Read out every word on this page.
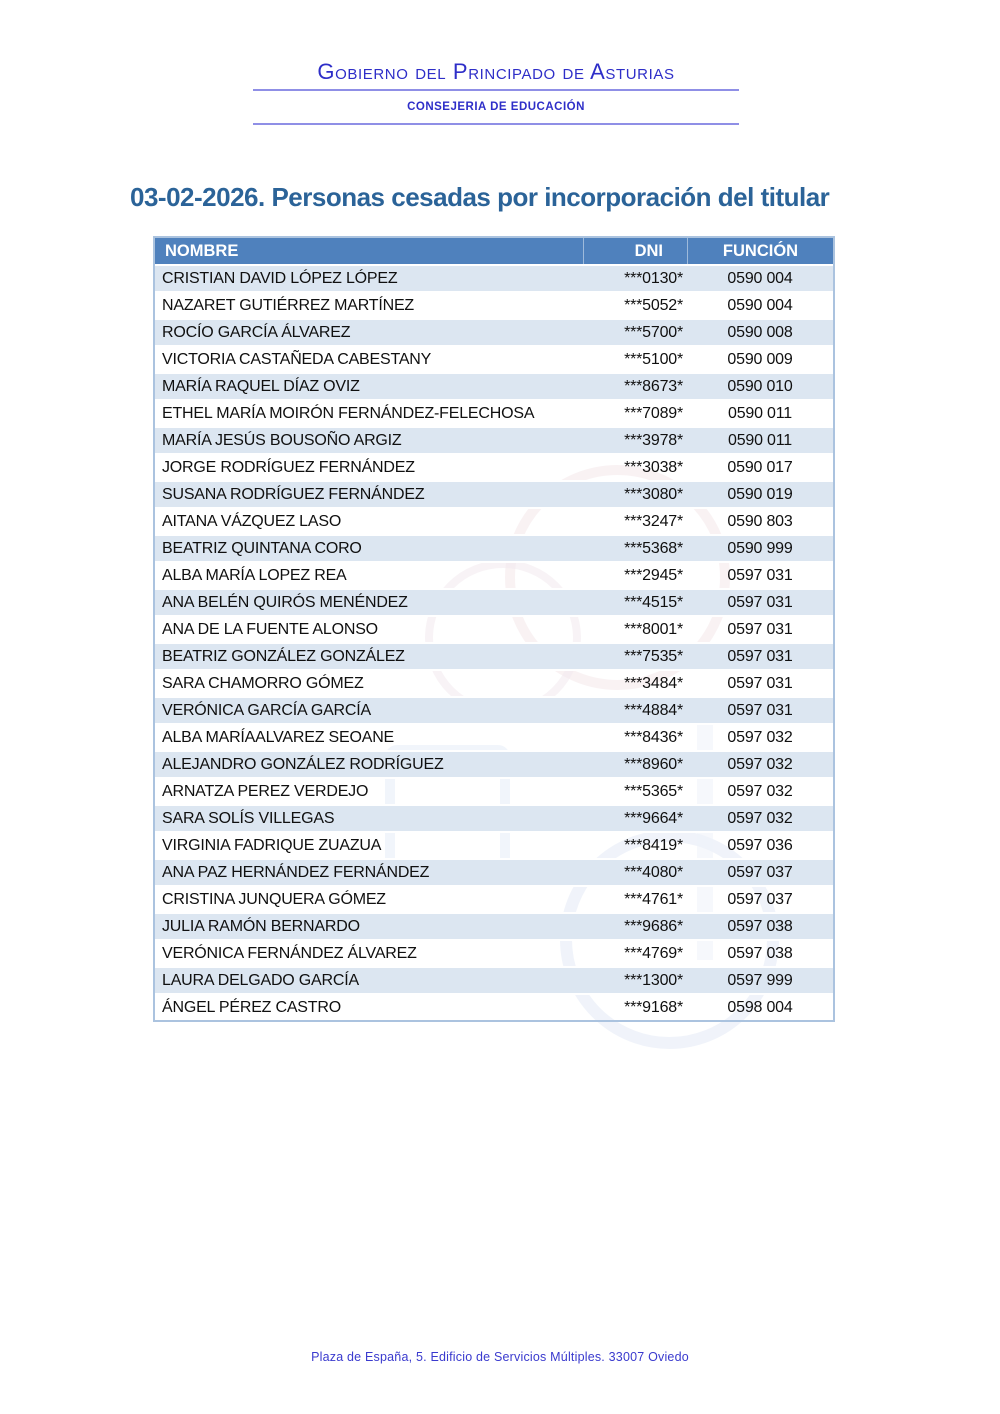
Gobierno del Principado de Asturias
CONSEJERIA DE EDUCACIÓN
03-02-2026. Personas cesadas por incorporación del titular
NOMBRE	DNI	FUNCIÓN
CRISTIAN DAVID LÓPEZ LÓPEZ	***0130*	0590 004
NAZARET GUTIÉRREZ MARTÍNEZ	***5052*	0590 004
ROCÍO GARCÍA ÁLVAREZ	***5700*	0590 008
VICTORIA CASTAÑEDA CABESTANY	***5100*	0590 009
MARÍA RAQUEL DÍAZ OVIZ	***8673*	0590 010
ETHEL MARÍA MOIRÓN FERNÁNDEZ-FELECHOSA	***7089*	0590 011
MARÍA JESÚS BOUSOÑO ARGIZ	***3978*	0590 011
JORGE RODRÍGUEZ FERNÁNDEZ	***3038*	0590 017
SUSANA RODRÍGUEZ FERNÁNDEZ	***3080*	0590 019
AITANA VÁZQUEZ LASO	***3247*	0590 803
BEATRIZ QUINTANA CORO	***5368*	0590 999
ALBA MARÍA LOPEZ REA	***2945*	0597 031
ANA BELÉN QUIRÓS MENÉNDEZ	***4515*	0597 031
ANA DE LA FUENTE ALONSO	***8001*	0597 031
BEATRIZ GONZÁLEZ GONZÁLEZ	***7535*	0597 031
SARA CHAMORRO GÓMEZ	***3484*	0597 031
VERÓNICA GARCÍA GARCÍA	***4884*	0597 031
ALBA MARÍAALVAREZ SEOANE	***8436*	0597 032
ALEJANDRO GONZÁLEZ RODRÍGUEZ	***8960*	0597 032
ARNATZA PEREZ VERDEJO	***5365*	0597 032
SARA SOLÍS VILLEGAS	***9664*	0597 032
VIRGINIA FADRIQUE ZUAZUA	***8419*	0597 036
ANA PAZ HERNÁNDEZ FERNÁNDEZ	***4080*	0597 037
CRISTINA JUNQUERA GÓMEZ	***4761*	0597 037
JULIA RAMÓN BERNARDO	***9686*	0597 038
VERÓNICA FERNÁNDEZ ÁLVAREZ	***4769*	0597 038
LAURA DELGADO GARCÍA	***1300*	0597 999
ÁNGEL PÉREZ CASTRO	***9168*	0598 004
Plaza de España, 5. Edificio de Servicios Múltiples. 33007 Oviedo
